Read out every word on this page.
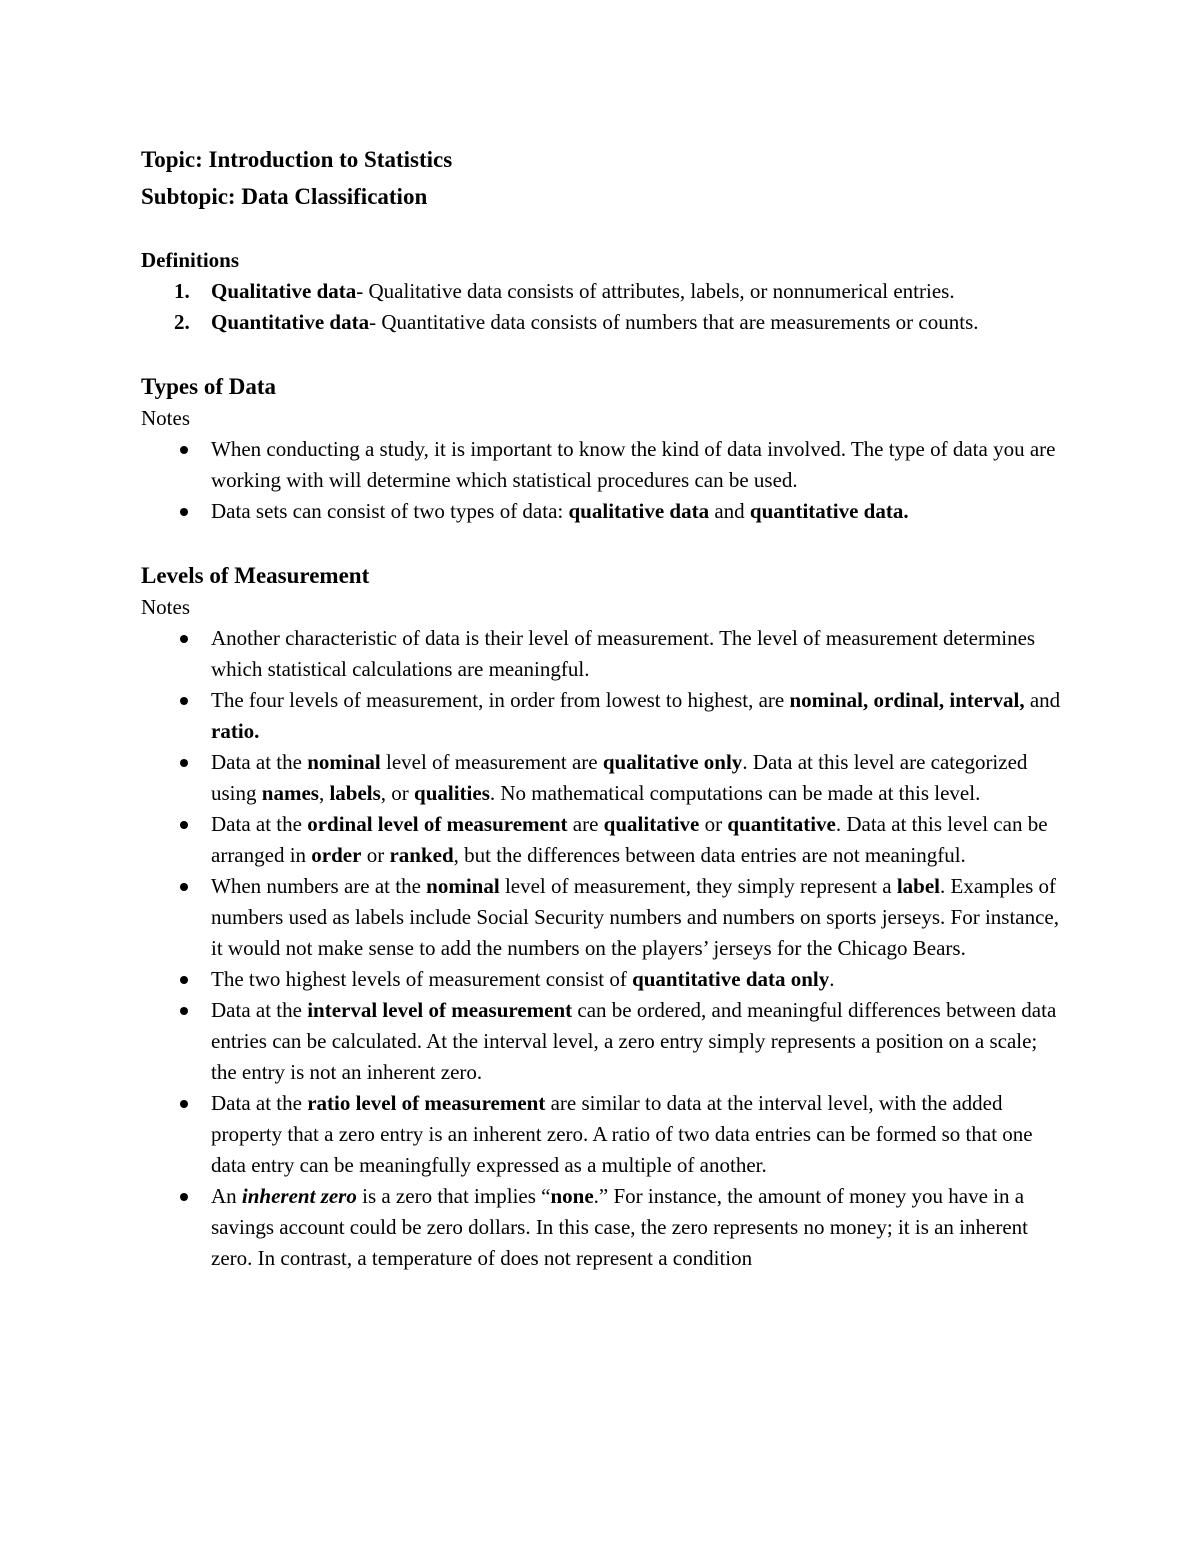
Topic: Introduction to Statistics
Subtopic: Data Classification
Definitions
1. Qualitative data- Qualitative data consists of attributes, labels, or nonnumerical entries.
2. Quantitative data- Quantitative data consists of numbers that are measurements or counts.
Types of Data
Notes
When conducting a study, it is important to know the kind of data involved. The type of data you are working with will determine which statistical procedures can be used.
Data sets can consist of two types of data: qualitative data and quantitative data.
Levels of Measurement
Notes
Another characteristic of data is their level of measurement. The level of measurement determines which statistical calculations are meaningful.
The four levels of measurement, in order from lowest to highest, are nominal, ordinal, interval, and ratio.
Data at the nominal level of measurement are qualitative only. Data at this level are categorized using names, labels, or qualities. No mathematical computations can be made at this level.
Data at the ordinal level of measurement are qualitative or quantitative. Data at this level can be arranged in order or ranked, but the differences between data entries are not meaningful.
When numbers are at the nominal level of measurement, they simply represent a label. Examples of numbers used as labels include Social Security numbers and numbers on sports jerseys. For instance, it would not make sense to add the numbers on the players’ jerseys for the Chicago Bears.
The two highest levels of measurement consist of quantitative data only.
Data at the interval level of measurement can be ordered, and meaningful differences between data entries can be calculated. At the interval level, a zero entry simply represents a position on a scale; the entry is not an inherent zero.
Data at the ratio level of measurement are similar to data at the interval level, with the added property that a zero entry is an inherent zero. A ratio of two data entries can be formed so that one data entry can be meaningfully expressed as a multiple of another.
An inherent zero is a zero that implies “none.” For instance, the amount of money you have in a savings account could be zero dollars. In this case, the zero represents no money; it is an inherent zero. In contrast, a temperature of does not represent a condition
